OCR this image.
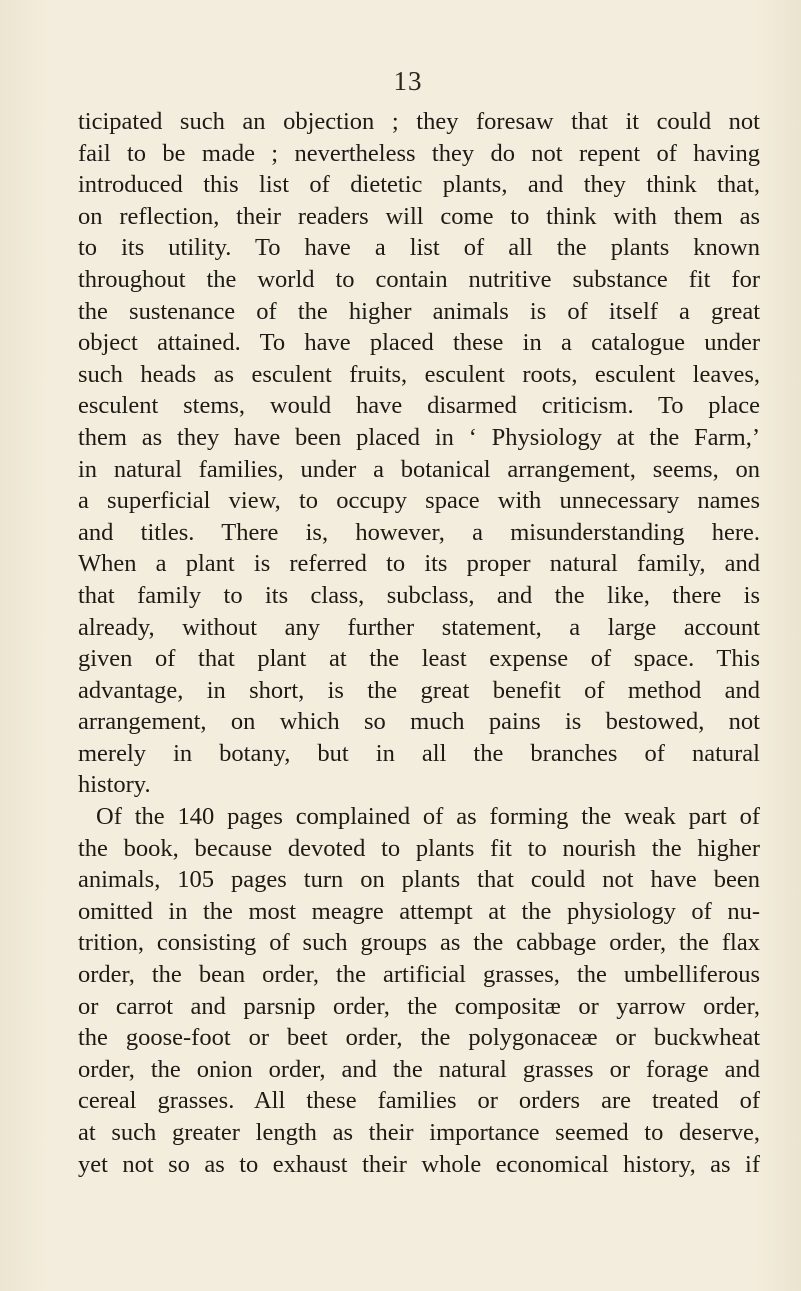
13
ticipated such an objection ; they foresaw that it could not
fail to be made ; nevertheless they do not repent of having
introduced this list of dietetic plants, and they think that,
on reflection, their readers will come to think with them as
to its utility. To have a list of all the plants known
throughout the world to contain nutritive substance fit for
the sustenance of the higher animals is of itself a great
object attained. To have placed these in a catalogue under
such heads as esculent fruits, esculent roots, esculent leaves,
esculent stems, would have disarmed criticism. To place
them as they have been placed in ‘ Physiology at the Farm,’
in natural families, under a botanical arrangement, seems, on
a superficial view, to occupy space with unnecessary names
and titles. There is, however, a misunderstanding here.
When a plant is referred to its proper natural family, and
that family to its class, subclass, and the like, there is
already, without any further statement, a large account
given of that plant at the least expense of space. This
advantage, in short, is the great benefit of method and
arrangement, on which so much pains is bestowed, not
merely in botany, but in all the branches of natural
history.
Of the 140 pages complained of as forming the weak part of
the book, because devoted to plants fit to nourish the higher
animals, 105 pages turn on plants that could not have been
omitted in the most meagre attempt at the physiology of nu-
trition, consisting of such groups as the cabbage order, the flax
order, the bean order, the artificial grasses, the umbelliferous
or carrot and parsnip order, the compositæ or yarrow order,
the goose-foot or beet order, the polygonaceæ or buckwheat
order, the onion order, and the natural grasses or forage and
cereal grasses. All these families or orders are treated of
at such greater length as their importance seemed to deserve,
yet not so as to exhaust their whole economical history, as if
